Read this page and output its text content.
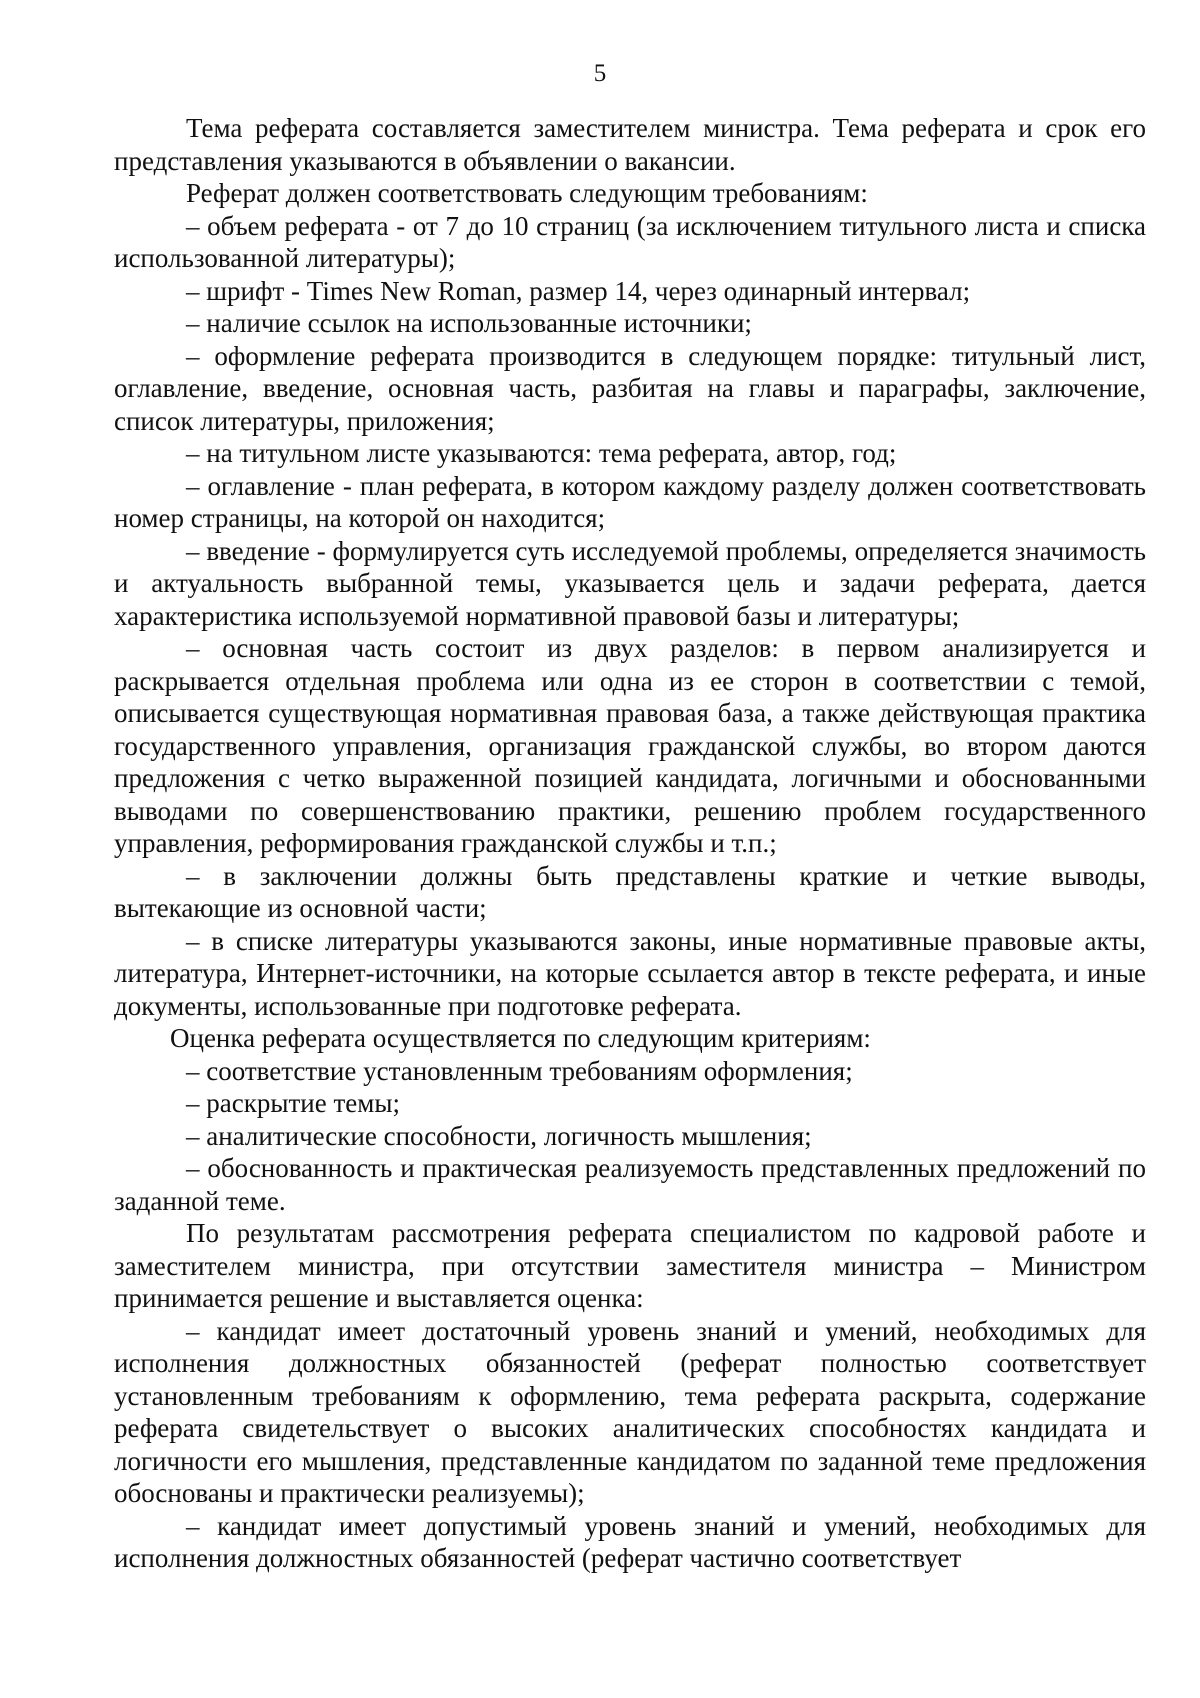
5

Тема реферата составляется заместителем министра. Тема реферата и срок его представления указываются в объявлении о вакансии.

Реферат должен соответствовать следующим требованиям:

– объем реферата - от 7 до 10 страниц (за исключением титульного листа и списка использованной литературы);

– шрифт - Times New Roman, размер 14, через одинарный интервал;

– наличие ссылок на использованные источники;

– оформление реферата производится в следующем порядке: титульный лист, оглавление, введение, основная часть, разбитая на главы и параграфы, заключение, список литературы, приложения;

– на титульном листе указываются: тема реферата, автор, год;

– оглавление - план реферата, в котором каждому разделу должен соответствовать номер страницы, на которой он находится;

– введение - формулируется суть исследуемой проблемы, определяется значимость и актуальность выбранной темы, указывается цель и задачи реферата, дается характеристика используемой нормативной правовой базы и литературы;

– основная часть состоит из двух разделов: в первом анализируется и раскрывается отдельная проблема или одна из ее сторон в соответствии с темой, описывается существующая нормативная правовая база, а также действующая практика государственного управления, организация гражданской службы, во втором даются предложения с четко выраженной позицией кандидата, логичными и обоснованными выводами по совершенствованию практики, решению проблем государственного управления, реформирования гражданской службы и т.п.;

– в заключении должны быть представлены краткие и четкие выводы, вытекающие из основной части;

– в списке литературы указываются законы, иные нормативные правовые акты, литература, Интернет-источники, на которые ссылается автор в тексте реферата, и иные документы, использованные при подготовке реферата.

Оценка реферата осуществляется по следующим критериям:

– соответствие установленным требованиям оформления;

– раскрытие темы;

– аналитические способности, логичность мышления;

– обоснованность и практическая реализуемость представленных предложений по заданной теме.

По результатам рассмотрения реферата специалистом по кадровой работе и заместителем министра, при отсутствии заместителя министра – Министром принимается решение и выставляется оценка:

– кандидат имеет достаточный уровень знаний и умений, необходимых для исполнения должностных обязанностей (реферат полностью соответствует установленным требованиям к оформлению, тема реферата раскрыта, содержание реферата свидетельствует о высоких аналитических способностях кандидата и логичности его мышления, представленные кандидатом по заданной теме предложения обоснованы и практически реализуемы);

– кандидат имеет допустимый уровень знаний и умений, необходимых для исполнения должностных обязанностей (реферат частично соответствует
